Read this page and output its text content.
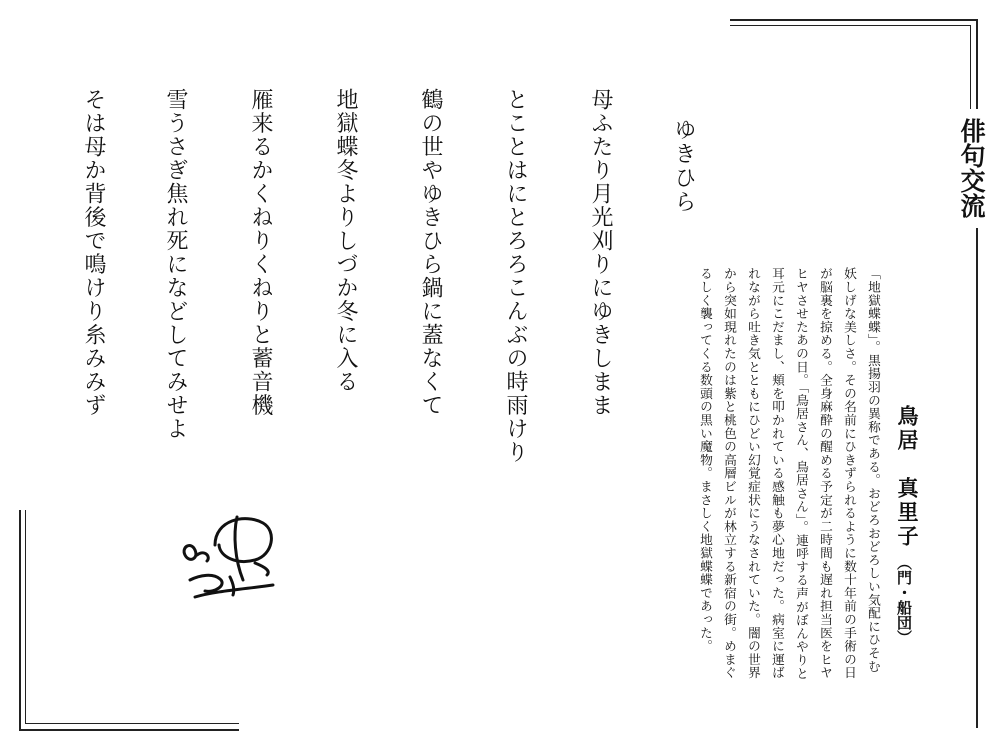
俳句交流
鳥居　真里子
（門・船団）
「地獄蝶蝶」。黒揚羽の異称である。おどろおどろしい気配にひそむ
妖しげな美しさ。その名前にひきずられるように数十年前の手術の日
が脳裏を掠める。全身麻酔の醒める予定が二時間も遅れ担当医をヒヤ
ヒヤさせたあの日。「鳥居さん、鳥居さん」。連呼する声がぼんやりと
耳元にこだまし、頬を叩かれている感触も夢心地だった。病室に運ば
れながら吐き気とともにひどい幻覚症状にうなされていた。闇の世界
から突如現れたのは紫と桃色の高層ビルが林立する新宿の街。めまぐ
るしく襲ってくる数頭の黒い魔物。まさしく地獄蝶蝶であった。
ゆきひら
母ふたり月光刈りにゆきしまま
とことはにとろろこんぶの時雨けり
鶴の世やゆきひら鍋に蓋なくて
地獄蝶冬よりしづか冬に入る
雁来るかくねりくねりと蓄音機
雪うさぎ焦れ死になどしてみせよ
そは母か背後で鳴けり糸みみず
